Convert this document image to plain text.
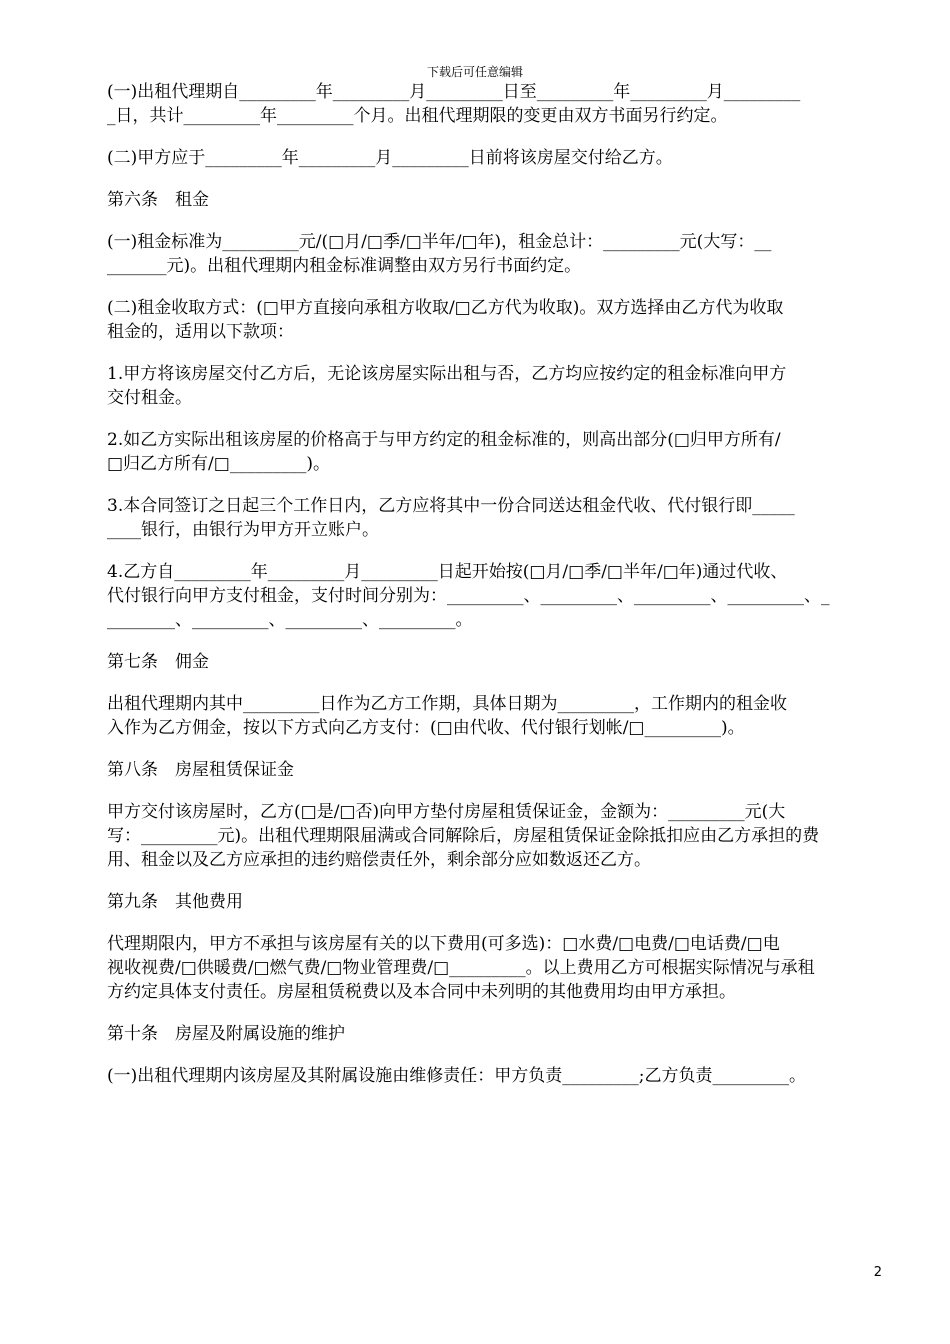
下载后可任意编辑
(一)出租代理期自_________年_________月_________日至_________年_________月_________
_日，共计_________年_________个月。出租代理期限的变更由双方书面另行约定。
(二)甲方应于_________年_________月_________日前将该房屋交付给乙方。
第六条　租金
(一)租金标准为_________元/(□月/□季/□半年/□年)，租金总计：_________元(大写：__
_______元)。出租代理期内租金标准调整由双方另行书面约定。
(二)租金收取方式：(□甲方直接向承租方收取/□乙方代为收取)。双方选择由乙方代为收取
租金的，适用以下款项：
1.甲方将该房屋交付乙方后，无论该房屋实际出租与否，乙方均应按约定的租金标准向甲方
交付租金。
2.如乙方实际出租该房屋的价格高于与甲方约定的租金标准的，则高出部分(□归甲方所有/
□归乙方所有/□_________)。
3.本合同签订之日起三个工作日内，乙方应将其中一份合同送达租金代收、代付银行即_____
____银行，由银行为甲方开立账户。
4.乙方自_________年_________月_________日起开始按(□月/□季/□半年/□年)通过代收、
代付银行向甲方支付租金，支付时间分别为：_________、_________、_________、_________、_
________、_________、_________、_________。
第七条　佣金
出租代理期内其中_________日作为乙方工作期，具体日期为_________，工作期内的租金收
入作为乙方佣金，按以下方式向乙方支付：(□由代收、代付银行划帐/□_________)。
第八条　房屋租赁保证金
甲方交付该房屋时，乙方(□是/□否)向甲方垫付房屋租赁保证金，金额为：_________元(大
写：_________元)。出租代理期限届满或合同解除后，房屋租赁保证金除抵扣应由乙方承担的费
用、租金以及乙方应承担的违约赔偿责任外，剩余部分应如数返还乙方。
第九条　其他费用
代理期限内，甲方不承担与该房屋有关的以下费用(可多选)：□水费/□电费/□电话费/□电
视收视费/□供暖费/□燃气费/□物业管理费/□_________。以上费用乙方可根据实际情况与承租
方约定具体支付责任。房屋租赁税费以及本合同中未列明的其他费用均由甲方承担。
第十条　房屋及附属设施的维护
(一)出租代理期内该房屋及其附属设施由维修责任：甲方负责_________;乙方负责_________。
2
